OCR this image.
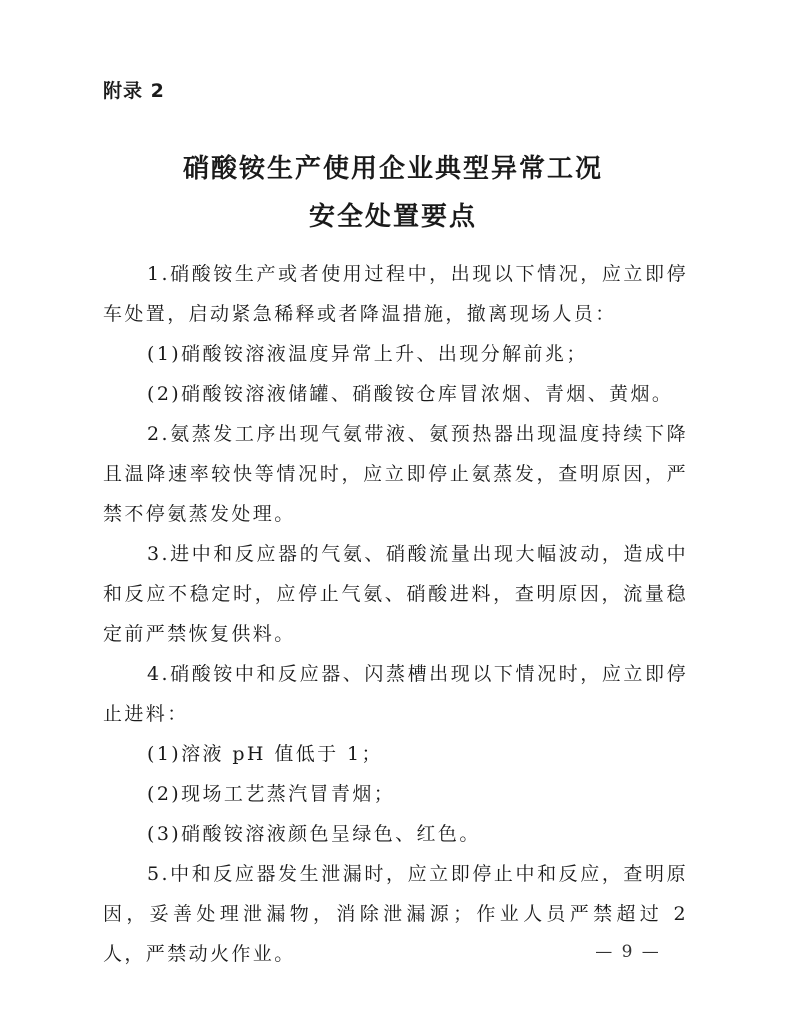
附录 2
硝酸铵生产使用企业典型异常工况
安全处置要点

1.硝酸铵生产或者使用过程中，出现以下情况，应立即停车处置，启动紧急稀释或者降温措施，撤离现场人员：

(1)硝酸铵溶液温度异常上升、出现分解前兆；

(2)硝酸铵溶液储罐、硝酸铵仓库冒浓烟、青烟、黄烟。

2.氨蒸发工序出现气氨带液、氨预热器出现温度持续下降且温降速率较快等情况时，应立即停止氨蒸发，查明原因，严禁不停氨蒸发处理。

3.进中和反应器的气氨、硝酸流量出现大幅波动，造成中和反应不稳定时，应停止气氨、硝酸进料，查明原因，流量稳定前严禁恢复供料。

4.硝酸铵中和反应器、闪蒸槽出现以下情况时，应立即停止进料：

(1)溶液 pH 值低于 1；

(2)现场工艺蒸汽冒青烟；

(3)硝酸铵溶液颜色呈绿色、红色。

5.中和反应器发生泄漏时，应立即停止中和反应，查明原因，妥善处理泄漏物，消除泄漏源；作业人员严禁超过 2 人，严禁动火作业。	— 9 —
